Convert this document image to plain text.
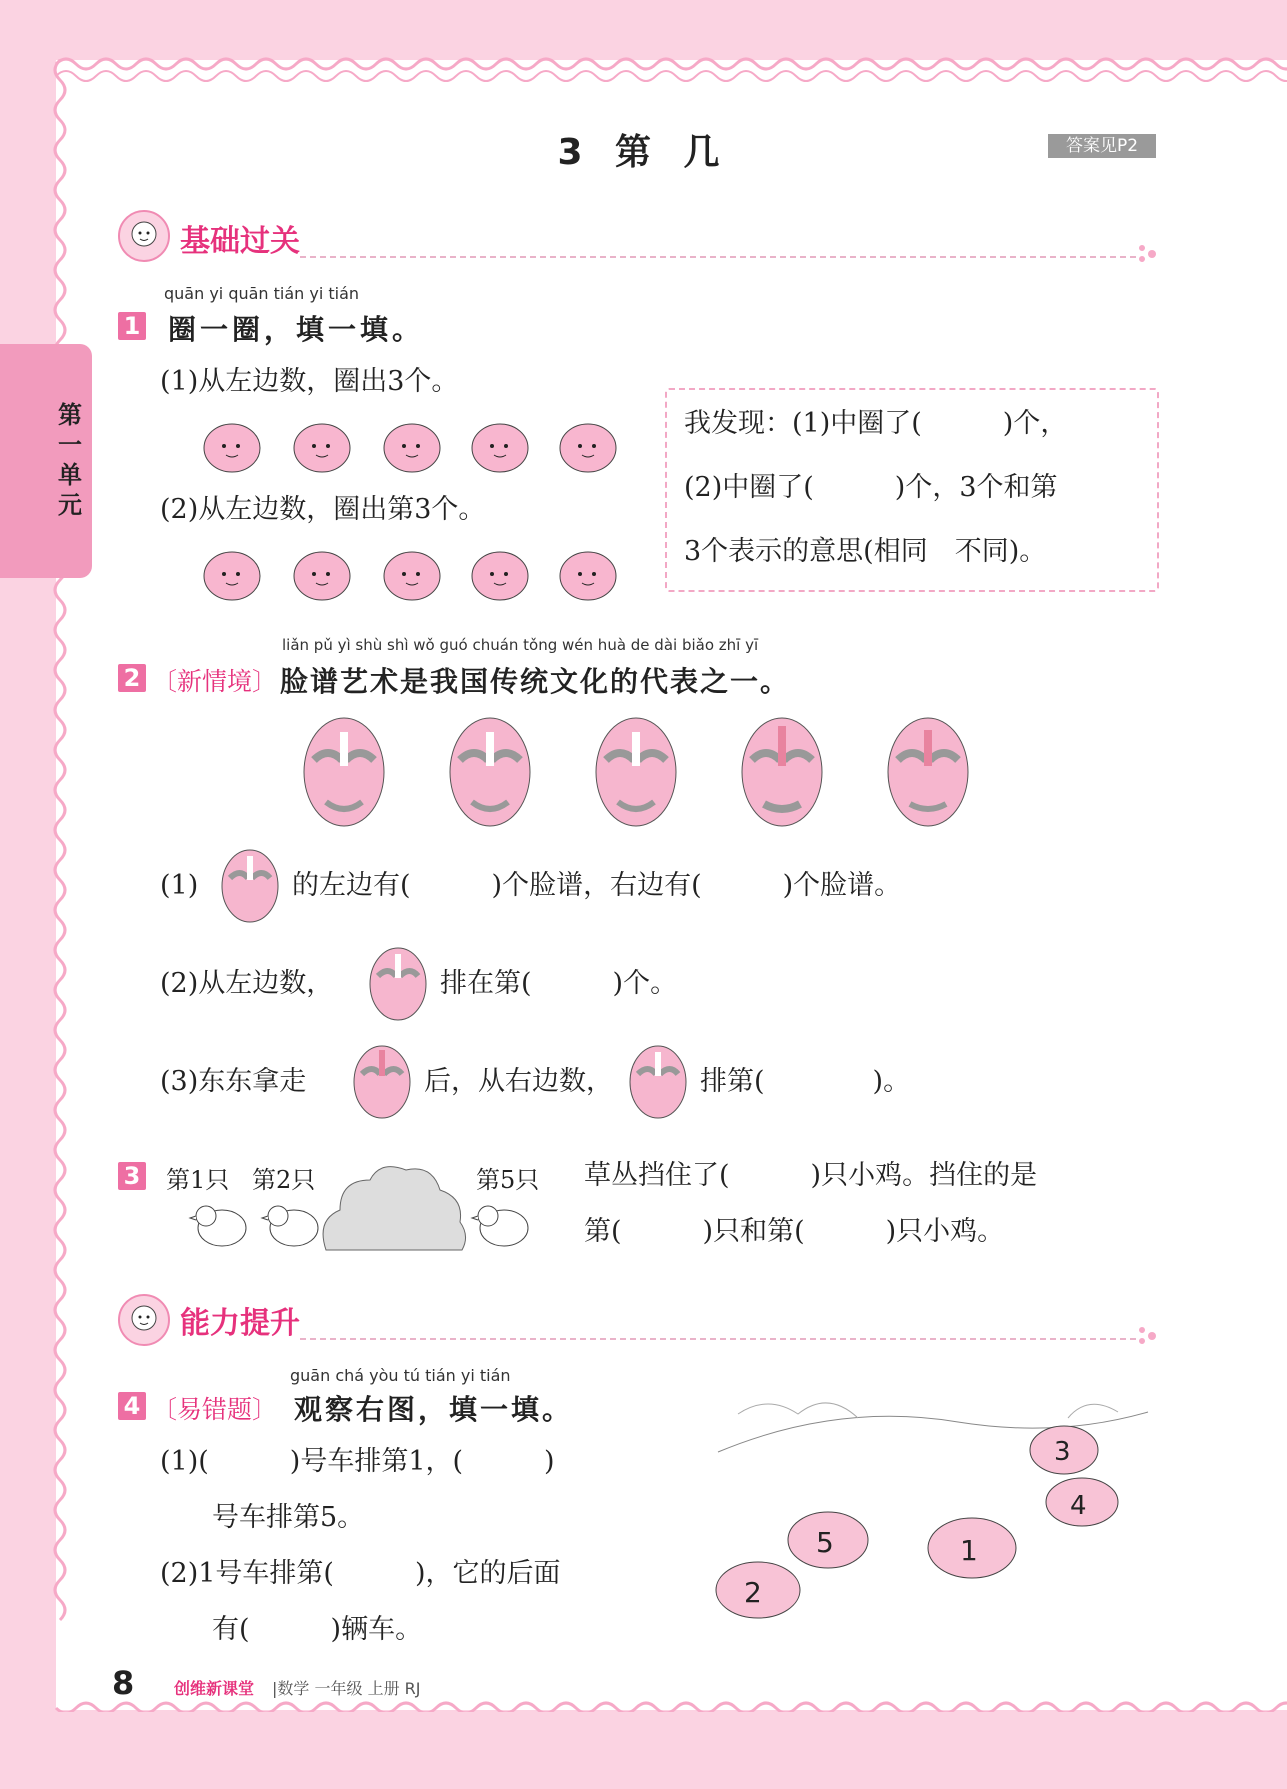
第一单元
3 第 几	答案见P2
基础过关
quān yi quān tián yi tián
1 圈一圈，填一填。
(1)从左边数，圈出3个。
(2)从左边数，圈出第3个。
我发现：(1)中圈了(　　　)个，
(2)中圈了(　　　)个，3个和第
3个表示的意思(相同　不同)。
liǎn pǔ yì shù shì wǒ guó chuán tǒng wén huà de dài biǎo zhī yī
2 〔新情境〕 脸谱艺术是我国传统文化的代表之一。
(1)	的左边有(　　　)个脸谱，右边有(　　　)个脸谱。
(2)从左边数，	排在第(　　　)个。
(3)东东拿走	后，从右边数，	排第(　　　　)。
3 第1只 第2只	第5只 草丛挡住了(　　　)只小鸡。挡住的是
第(　　　)只和第(　　　)只小鸡。
能力提升
guān chá yòu tú tián yi tián
4 〔易错题〕 观察右图，填一填。
(1)(　　　)号车排第1，(　　　)
号车排第5。
(2)1号车排第(　　　)，它的后面
有(　　　)辆车。
3
4
5	1
2
8 创维新课堂 |数学 一年级 上册 RJ
